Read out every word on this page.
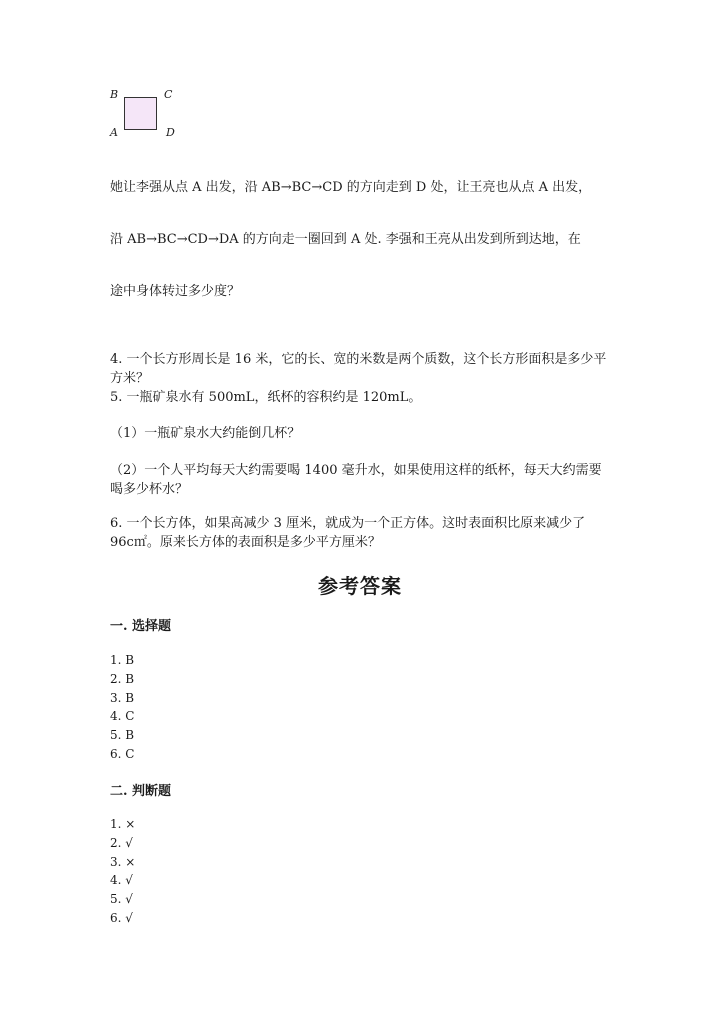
B	C
A	D
她让李强从点 A 出发，沿 AB→BC→CD 的方向走到 D 处，让王亮也从点 A 出发，
沿 AB→BC→CD→DA 的方向走一圈回到 A 处. 李强和王亮从出发到所到达地，在
途中身体转过多少度？
4. 一个长方形周长是 16 米，它的长、宽的米数是两个质数，这个长方形面积是多少平方米？
5. 一瓶矿泉水有 500mL，纸杯的容积约是 120mL。
（1）一瓶矿泉水大约能倒几杯？
（2）一个人平均每天大约需要喝 1400 毫升水，如果使用这样的纸杯，每天大约需要喝多少杯水？
6. 一个长方体，如果高减少 3 厘米，就成为一个正方体。这时表面积比原来减少了 96c㎡。原来长方体的表面积是多少平方厘米？
参考答案
一. 选择题
1. B
2. B
3. B
4. C
5. B
6. C
二. 判断题
1. ×
2. √
3. ×
4. √
5. √
6. √
